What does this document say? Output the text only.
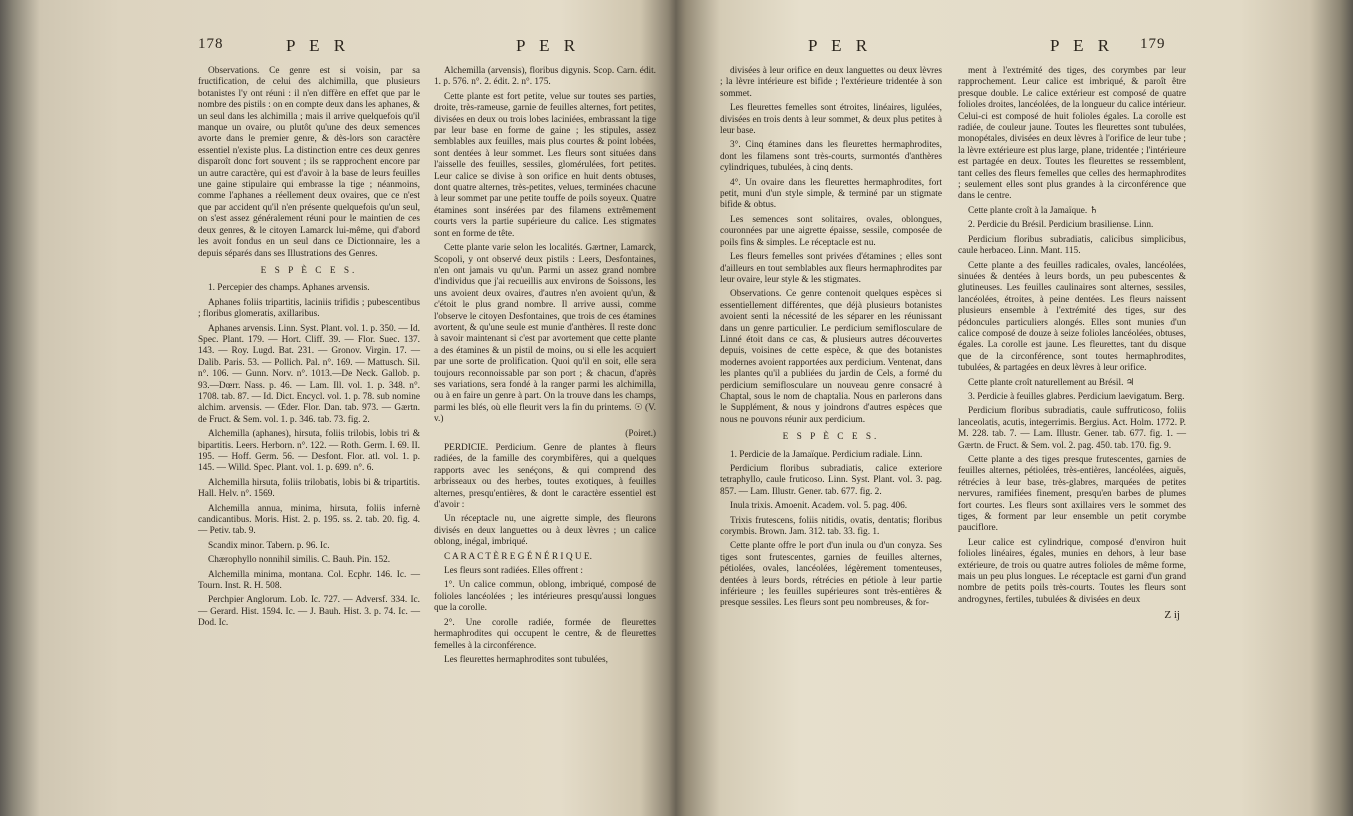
178	P E R	P E R

Observations. Ce genre est si voisin, par sa fructification, de celui des alchimilla, que plusieurs botanistes l'y ont réuni : il n'en diffère en effet que par le nombre des pistils : on en compte deux dans les aphanes, & un seul dans les alchimilla ; mais il arrive quelquefois qu'il manque un ovaire, ou plutôt qu'une des deux semences avorte dans le premier genre, & dès-lors son caractère essentiel n'existe plus. La distinction entre ces deux genres disparoît donc fort souvent ; ils se rapprochent encore par un autre caractère, qui est d'avoir à la base de leurs feuilles une gaine stipulaire qui embrasse la tige ; néanmoins, comme l'aphanes a réellement deux ovaires, que ce n'est que par accident qu'il n'en présente quelquefois qu'un seul, on s'est assez généralement réuni pour le maintien de ces deux genres, & le citoyen Lamarck lui-même, qui d'abord les avoit fondus en un seul dans ce Dictionnaire, les a depuis séparés dans ses Illustrations des Genres.

E S P È C E S.

1. Percepier des champs. Aphanes arvensis.

Aphanes foliis tripartitis, laciniis trifidis ; pubescentibus ; floribus glomeratis, axillaribus.

Aphanes arvensis. Linn. Syst. Plant. vol. 1. p. 350. — Id. Spec. Plant. 179. — Hort. Cliff. 39. — Flor. Suec. 137. 143. — Roy. Lugd. Bat. 231. — Gronov. Virgin. 17. — Dalib. Paris. 53. — Pollich. Pal. n°. 169. — Mattusch. Sil. n°. 106. — Gunn. Norv. n°. 1013.—De Neck. Gallob. p. 93.—Dœrr. Nass. p. 46. — Lam. Ill. vol. 1. p. 348. n°. 1708. tab. 87. — Id. Dict. Encycl. vol. 1. p. 78. sub nomine alchim. arvensis. — Œder. Flor. Dan. tab. 973. — Gærtn. de Fruct. & Sem. vol. 1. p. 346. tab. 73. fig. 2.

Alchemilla (aphanes), hirsuta, foliis trilobis, lobis tri & bipartitis. Leers. Herborn. n°. 122. — Roth. Germ. I. 69. II. 195. — Hoff. Germ. 56. — Desfont. Flor. atl. vol. 1. p. 145. — Willd. Spec. Plant. vol. 1. p. 699. n°. 6.

Alchemilla hirsuta, foliis trilobatis, lobis bi & tripartitis. Hall. Helv. n°. 1569.

Alchemilla annua, minima, hirsuta, foliis infernè candicantibus. Moris. Hist. 2. p. 195. ss. 2. tab. 20. fig. 4. — Petiv. tab. 9.

Scandix minor. Tabern. p. 96. Ic.

Chærophyllo nonnihil similis. C. Bauh. Pin. 152.

Alchemilla minima, montana. Col. Ecphr. 146. Ic. — Tourn. Inst. R. H. 508.

Perchpier Anglorum. Lob. Ic. 727. — Adversf. 334. Ic. — Gerard. Hist. 1594. Ic. — J. Bauh. Hist. 3. p. 74. Ic. — Dod. Ic.

Alchemilla (arvensis), floribus digynis. Scop. Carn. édit. 1. p. 576. n°. 2. édit. 2. n°. 175.

Cette plante est fort petite, velue sur toutes ses parties, droite, très-rameuse, garnie de feuilles alternes, fort petites, divisées en deux ou trois lobes laciniées, embrassant la tige par leur base en forme de gaine ; les stipules, assez semblables aux feuilles, mais plus courtes & point lobées, sont dentées à leur sommet. Les fleurs sont situées dans l'aisselle des feuilles, sessiles, glomérulées, fort petites. Leur calice se divise à son orifice en huit dents obtuses, dont quatre alternes, très-petites, velues, terminées chacune à leur sommet par une petite touffe de poils soyeux. Quatre étamines sont insérées par des filamens extrêmement courts vers la partie supérieure du calice. Les stigmates sont en forme de tête.

Cette plante varie selon les localités. Gærtner, Lamarck, Scopoli, y ont observé deux pistils : Leers, Desfontaines, n'en ont jamais vu qu'un. Parmi un assez grand nombre d'individus que j'ai recueillis aux environs de Soissons, les uns avoient deux ovaires, d'autres n'en avoient qu'un, & c'étoit le plus grand nombre. Il arrive aussi, comme l'observe le citoyen Desfontaines, que trois de ces étamines avortent, & qu'une seule est munie d'anthères. Il reste donc à savoir maintenant si c'est par avortement que cette plante a des étamines & un pistil de moins, ou si elle les acquiert par une sorte de prolification. Quoi qu'il en soit, elle sera toujours reconnoissable par son port ; & chacun, d'après ses variations, sera fondé à la ranger parmi les alchimilla, ou à en faire un genre à part. On la trouve dans les champs, parmi les blés, où elle fleurit vers la fin du printems. ☉ (V. v.)

(Poiret.)

PERDICIE. Perdicium. Genre de plantes à fleurs radiées, de la famille des corymbifères, qui a quelques rapports avec les senéçons, & qui comprend des arbrisseaux ou des herbes, toutes exotiques, à feuilles alternes, presqu'entières, & dont le caractère essentiel est d'avoir :

Un réceptacle nu, une aigrette simple, des fleurons divisés en deux languettes ou à deux lèvres ; un calice oblong, inégal, imbriqué.

C A R A C T È R E G É N É R I Q U E.

Les fleurs sont radiées. Elles offrent :

1°. Un calice commun, oblong, imbriqué, composé de folioles lancéolées ; les intérieures presqu'aussi longues que la corolle.

2°. Une corolle radiée, formée de fleurettes hermaphrodites qui occupent le centre, & de fleurettes femelles à la circonférence.

Les fleurettes hermaphrodites sont tubulées,

P E R	P E R 179

divisées à leur orifice en deux languettes ou deux lèvres ; la lèvre intérieure est bifide ; l'extérieure tridentée à son sommet.

Les fleurettes femelles sont étroites, linéaires, ligulées, divisées en trois dents à leur sommet, & deux plus petites à leur base.

3°. Cinq étamines dans les fleurettes hermaphrodites, dont les filamens sont très-courts, surmontés d'anthères cylindriques, tubulées, à cinq dents.

4°. Un ovaire dans les fleurettes hermaphrodites, fort petit, muni d'un style simple, & terminé par un stigmate bifide & obtus.

Les semences sont solitaires, ovales, oblongues, couronnées par une aigrette épaisse, sessile, composée de poils fins & simples. Le réceptacle est nu.

Les fleurs femelles sont privées d'étamines ; elles sont d'ailleurs en tout semblables aux fleurs hermaphrodites par leur ovaire, leur style & les stigmates.

Observations. Ce genre contenoit quelques espèces si essentiellement différentes, que déjà plusieurs botanistes avoient senti la nécessité de les séparer en les réunissant dans un genre particulier. Le perdicium semiflosculare de Linné étoit dans ce cas, & plusieurs autres découvertes depuis, voisines de cette espèce, & que des botanistes modernes avoient rapportées aux perdicium. Ventenat, dans les plantes qu'il a publiées du jardin de Cels, a formé du perdicium semiflosculare un nouveau genre consacré à Chaptal, sous le nom de chaptalia. Nous en parlerons dans le Supplément, & nous y joindrons d'autres espèces que nous ne pouvons réunir aux perdicium.

E S P È C E S.

1. Perdicie de la Jamaïque. Perdicium radiale. Linn.

Perdicium floribus subradiatis, calice exteriore tetraphyllo, caule fruticoso. Linn. Syst. Plant. vol. 3. pag. 857. — Lam. Illustr. Gener. tab. 677. fig. 2.

Inula trixis. Amoenit. Academ. vol. 5. pag. 406.

Trixis frutescens, foliis nitidis, ovatis, dentatis; floribus corymbis. Brown. Jam. 312. tab. 33. fig. 1.

Cette plante offre le port d'un inula ou d'un conyza. Ses tiges sont frutescentes, garnies de feuilles alternes, pétiolées, ovales, lancéolées, légèrement tomenteuses, dentées à leurs bords, rétrécies en pétiole à leur partie inférieure ; les feuilles supérieures sont très-entières & presque sessiles. Les fleurs sont peu nombreuses, & for-

ment à l'extrémité des tiges, des corymbes par leur rapprochement. Leur calice est imbriqué, & paroît être presque double. Le calice extérieur est composé de quatre folioles droites, lancéolées, de la longueur du calice intérieur. Celui-ci est composé de huit folioles égales. La corolle est radiée, de couleur jaune. Toutes les fleurettes sont tubulées, monopétales, divisées en deux lèvres à l'orifice de leur tube ; la lèvre extérieure est plus large, plane, tridentée ; l'intérieure est partagée en deux. Toutes les fleurettes se ressemblent, tant celles des fleurs femelles que celles des hermaphrodites ; seulement elles sont plus grandes à la circonférence que dans le centre.

Cette plante croît à la Jamaïque. ♄

2. Perdicie du Brésil. Perdicium brasiliense. Linn.

Perdicium floribus subradiatis, calicibus simplicibus, caule herbaceo. Linn. Mant. 115.

Cette plante a des feuilles radicales, ovales, lancéolées, sinuées & dentées à leurs bords, un peu pubescentes & glutineuses. Les feuilles caulinaires sont alternes, sessiles, lancéolées, étroites, à peine dentées. Les fleurs naissent plusieurs ensemble à l'extrémité des tiges, sur des pédoncules particuliers alongés. Elles sont munies d'un calice composé de douze à seize folioles lancéolées, obtuses, égales. La corolle est jaune. Les fleurettes, tant du disque que de la circonférence, sont toutes hermaphrodites, tubulées, & partagées en deux lèvres à leur orifice.

Cette plante croît naturellement au Brésil. ♃

3. Perdicie à feuilles glabres. Perdicium laevigatum. Berg.

Perdicium floribus subradiatis, caule suffruticoso, foliis lanceolatis, acutis, integerrimis. Bergius. Act. Holm. 1772. P. M. 228. tab. 7. — Lam. Illustr. Gener. tab. 677. fig. 1. — Gærtn. de Fruct. & Sem. vol. 2. pag. 450. tab. 170. fig. 9.

Cette plante a des tiges presque frutescentes, garnies de feuilles alternes, pétiolées, très-entières, lancéolées, aiguës, rétrécies à leur base, très-glabres, marquées de petites nervures, ramifiées finement, presqu'en barbes de plumes fort courtes. Les fleurs sont axillaires vers le sommet des tiges, & forment par leur ensemble un petit corymbe pauciflore.

Leur calice est cylindrique, composé d'environ huit folioles linéaires, égales, munies en dehors, à leur base extérieure, de trois ou quatre autres folioles de même forme, mais un peu plus longues. Le réceptacle est garni d'un grand nombre de petits poils très-courts. Toutes les fleurs sont androgynes, fertiles, tubulées & divisées en deux

Z ij
